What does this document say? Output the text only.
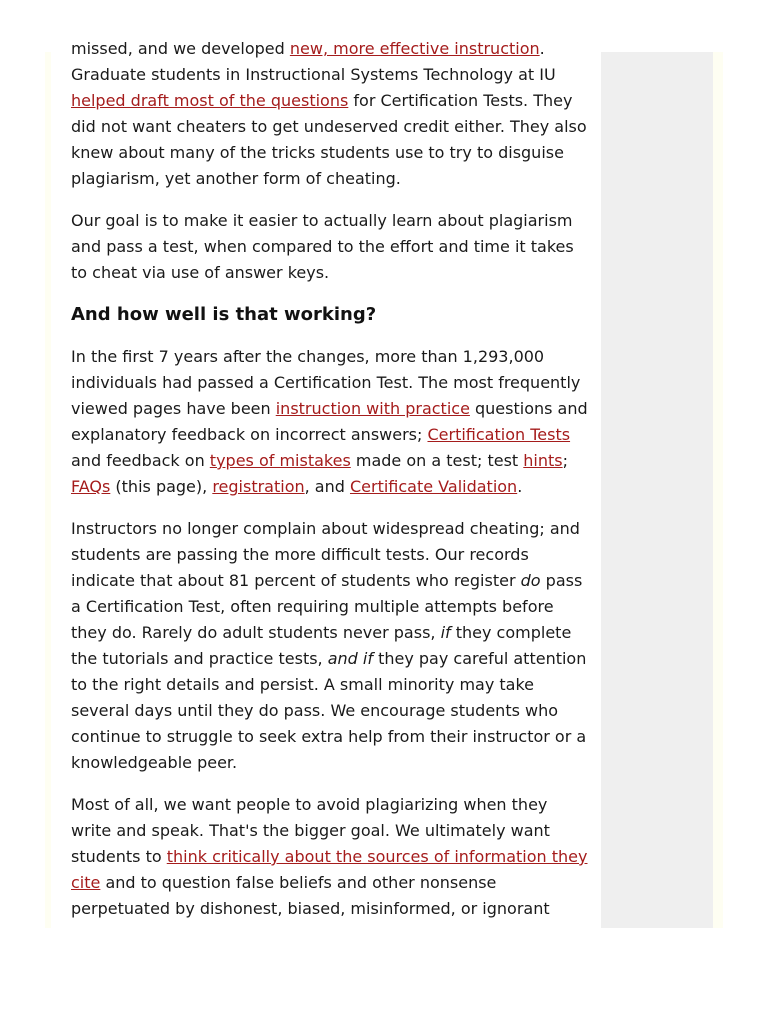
missed, and we developed new, more effective instruction. Graduate students in Instructional Systems Technology at IU helped draft most of the questions for Certification Tests. They did not want cheaters to get undeserved credit either. They also knew about many of the tricks students use to try to disguise plagiarism, yet another form of cheating.

Our goal is to make it easier to actually learn about plagiarism and pass a test, when compared to the effort and time it takes to cheat via use of answer keys.

And how well is that working?

In the first 7 years after the changes, more than 1,293,000 individuals had passed a Certification Test. The most frequently viewed pages have been instruction with practice questions and explanatory feedback on incorrect answers; Certification Tests and feedback on types of mistakes made on a test; test hints; FAQs (this page), registration, and Certificate Validation.

Instructors no longer complain about widespread cheating; and students are passing the more difficult tests. Our records indicate that about 81 percent of students who register do pass a Certification Test, often requiring multiple attempts before they do. Rarely do adult students never pass, if they complete the tutorials and practice tests, and if they pay careful attention to the right details and persist. A small minority may take several days until they do pass. We encourage students who continue to struggle to seek extra help from their instructor or a knowledgeable peer.

Most of all, we want people to avoid plagiarizing when they write and speak. That's the bigger goal. We ultimately want students to think critically about the sources of information they cite and to question false beliefs and other nonsense perpetuated by dishonest, biased, misinformed, or ignorant
